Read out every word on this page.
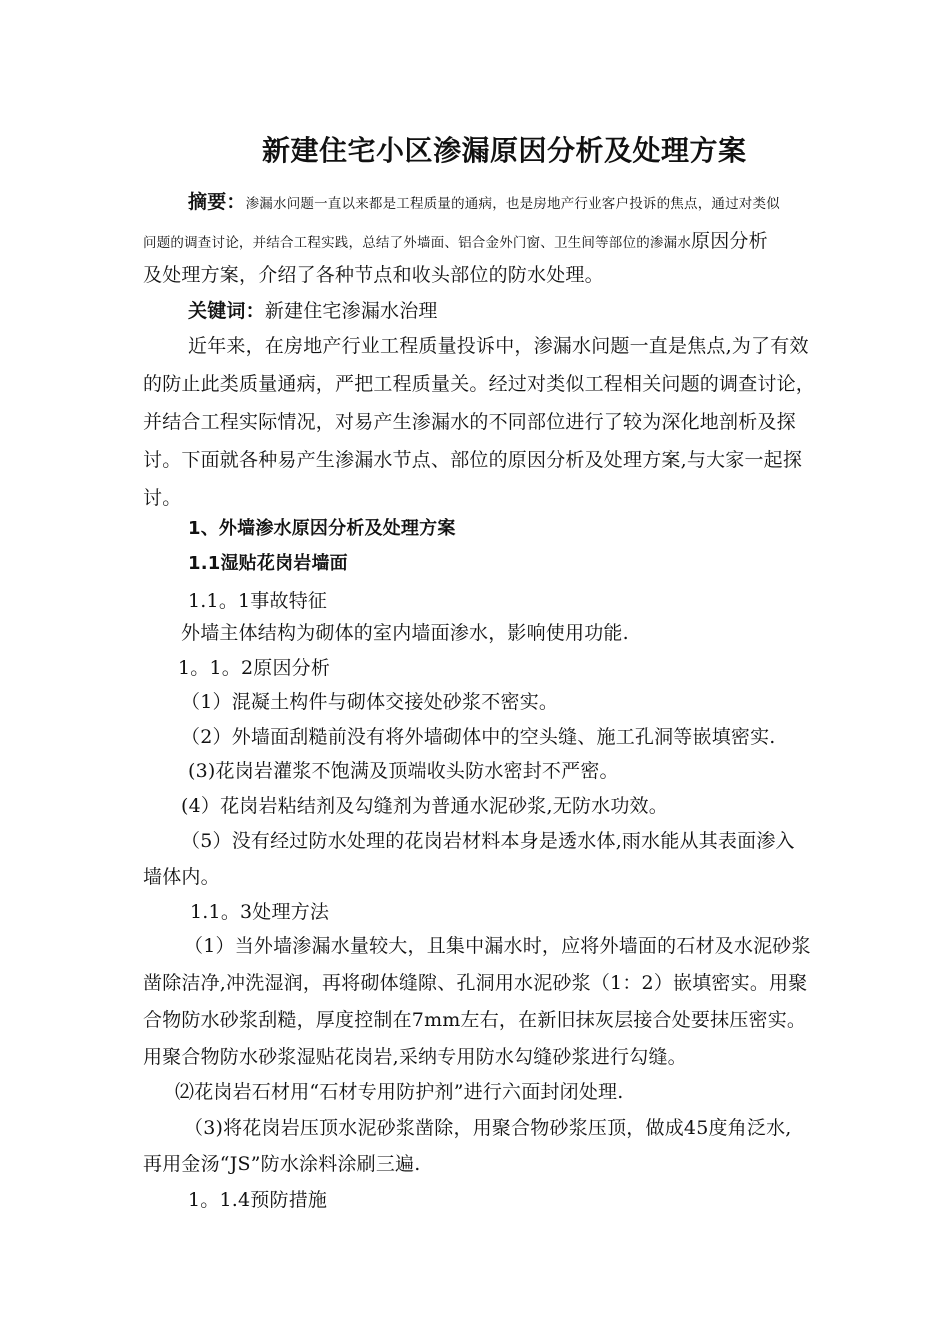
新建住宅小区渗漏原因分析及处理方案
摘要：渗漏水问题一直以来都是工程质量的通病，也是房地产行业客户投诉的焦点，通过对类似
问题的调查讨论，并结合工程实践，总结了外墙面、铝合金外门窗、卫生间等部位的渗漏水原因分析
及处理方案，介绍了各种节点和收头部位的防水处理。
关键词：新建住宅渗漏水治理
近年来，在房地产行业工程质量投诉中，渗漏水问题一直是焦点,为了有效
的防止此类质量通病，严把工程质量关。经过对类似工程相关问题的调查讨论，
并结合工程实际情况，对易产生渗漏水的不同部位进行了较为深化地剖析及探
讨。下面就各种易产生渗漏水节点、部位的原因分析及处理方案,与大家一起探
讨。
1、外墙渗水原因分析及处理方案
1.1湿贴花岗岩墙面
1.1。1事故特征
外墙主体结构为砌体的室内墙面渗水，影响使用功能.
1。1。2原因分析
（1）混凝土构件与砌体交接处砂浆不密实。
（2）外墙面刮糙前没有将外墙砌体中的空头缝、施工孔洞等嵌填密实.
(3)花岗岩灌浆不饱满及顶端收头防水密封不严密。
(4）花岗岩粘结剂及勾缝剂为普通水泥砂浆,无防水功效。
（5）没有经过防水处理的花岗岩材料本身是透水体,雨水能从其表面渗入
墙体内。
1.1。3处理方法
（1）当外墙渗漏水量较大，且集中漏水时，应将外墙面的石材及水泥砂浆
凿除洁净,冲洗湿润，再将砌体缝隙、孔洞用水泥砂浆（1：2）嵌填密实。用聚
合物防水砂浆刮糙，厚度控制在7mm左右，在新旧抹灰层接合处要抹压密实。
用聚合物防水砂浆湿贴花岗岩,采纳专用防水勾缝砂浆进行勾缝。
⑵花岗岩石材用“石材专用防护剂”进行六面封闭处理.
（3)将花岗岩压顶水泥砂浆凿除，用聚合物砂浆压顶，做成45度角泛水,
再用金汤“JS”防水涂料涂刷三遍.
1。1.4预防措施
